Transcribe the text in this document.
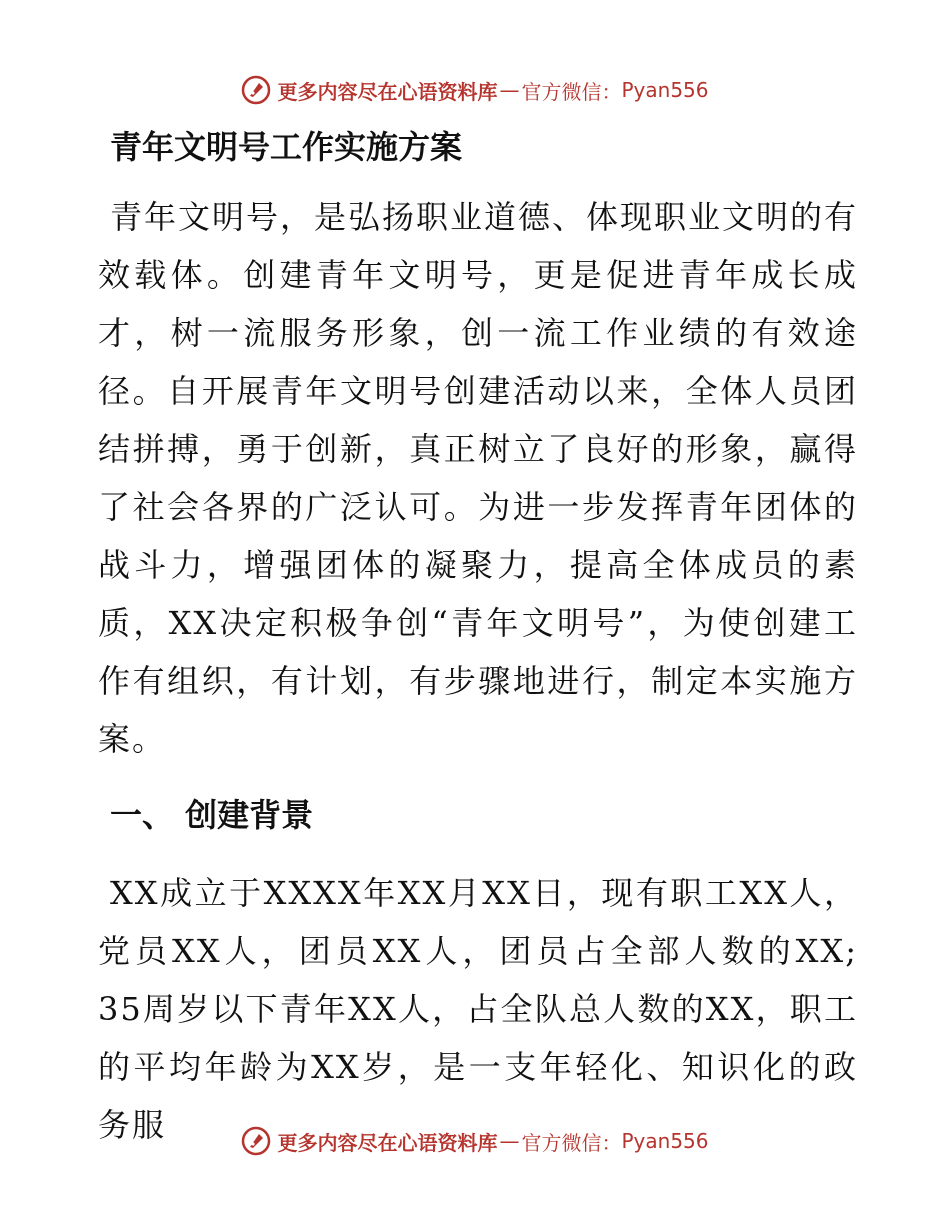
更多内容尽在心语资料库 — 官方微信： Pyan556
青年文明号工作实施方案

青年文明号，是弘扬职业道德、体现职业文明的有效载体。创建青年文明号，更是促进青年成长成才，树一流服务形象，创一流工作业绩的有效途径。自开展青年文明号创建活动以来，全体人员团结拼搏，勇于创新，真正树立了良好的形象，赢得了社会各界的广泛认可。为进一步发挥青年团体的战斗力，增强团体的凝聚力，提高全体成员的素质，XX决定积极争创“青年文明号”，为使创建工作有组织，有计划，有步骤地进行，制定本实施方案。

一、 创建背景

XX成立于XXXX年XX月XX日，现有职工XX人，党员XX人，团员XX人，团员占全部人数的XX; 35周岁以下青年XX人，占全队总人数的XX，职工的平均年龄为XX岁，是一支年轻化、知识化的政务服	更多内容尽在心语资料库 — 官方微信： Pyan556
